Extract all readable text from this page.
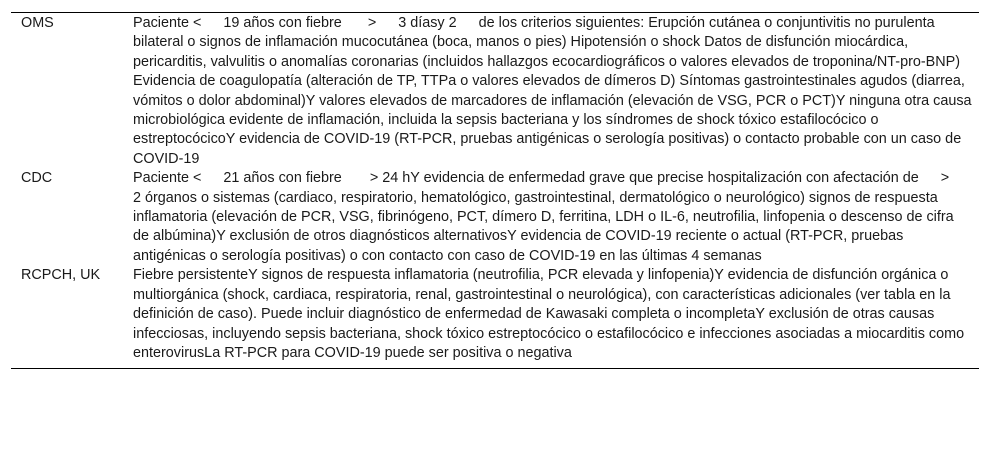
OMS	Paciente < 19 años con fiebre > 3 díasy 2 de los criterios siguientes: Erupción cutánea o conjuntivitis no purulenta bilateral o signos de inflamación mucocutánea (boca, manos o pies) Hipotensión o shock Datos de disfunción miocárdica, pericarditis, valvulitis o anomalías coronarias (incluidos hallazgos ecocardiográficos o valores elevados de troponina/NT-pro-BNP) Evidencia de coagulopatía (alteración de TP, TTPa o valores elevados de dímeros D) Síntomas gastrointestinales agudos (diarrea, vómitos o dolor abdominal)Y valores elevados de marcadores de inflamación (elevación de VSG, PCR o PCT)Y ninguna otra causa microbiológica evidente de inflamación, incluida la sepsis bacteriana y los síndromes de shock tóxico estafilocócico o estreptocócicoY evidencia de COVID-19 (RT-PCR, pruebas antigénicas o serología positivas) o contacto probable con un caso de COVID-19
CDC	Paciente < 21 años con fiebre > 24 hY evidencia de enfermedad grave que precise hospitalización con afectación de >2 órganos o sistemas (cardiaco, respiratorio, hematológico, gastrointestinal, dermatológico o neurológico) signos de respuesta inflamatoria (elevación de PCR, VSG, fibrinógeno, PCT, dímero D, ferritina, LDH o IL-6, neutrofilia, linfopenia o descenso de cifra de albúmina)Y exclusión de otros diagnósticos alternativosY evidencia de COVID-19 reciente o actual (RT-PCR, pruebas antigénicas o serología positivas) o con contacto con caso de COVID-19 en las últimas 4 semanas
RCPCH, UK	Fiebre persistenteY signos de respuesta inflamatoria (neutrofilia, PCR elevada y linfopenia)Y evidencia de disfunción orgánica o multiorgánica (shock, cardiaca, respiratoria, renal, gastrointestinal o neurológica), con características adicionales (ver tabla en la definición de caso). Puede incluir diagnóstico de enfermedad de Kawasaki completa o incompletaY exclusión de otras causas infecciosas, incluyendo sepsis bacteriana, shock tóxico estreptocócico o estafilocócico e infecciones asociadas a miocarditis como enterovirusLa RT-PCR para COVID-19 puede ser positiva o negativa
